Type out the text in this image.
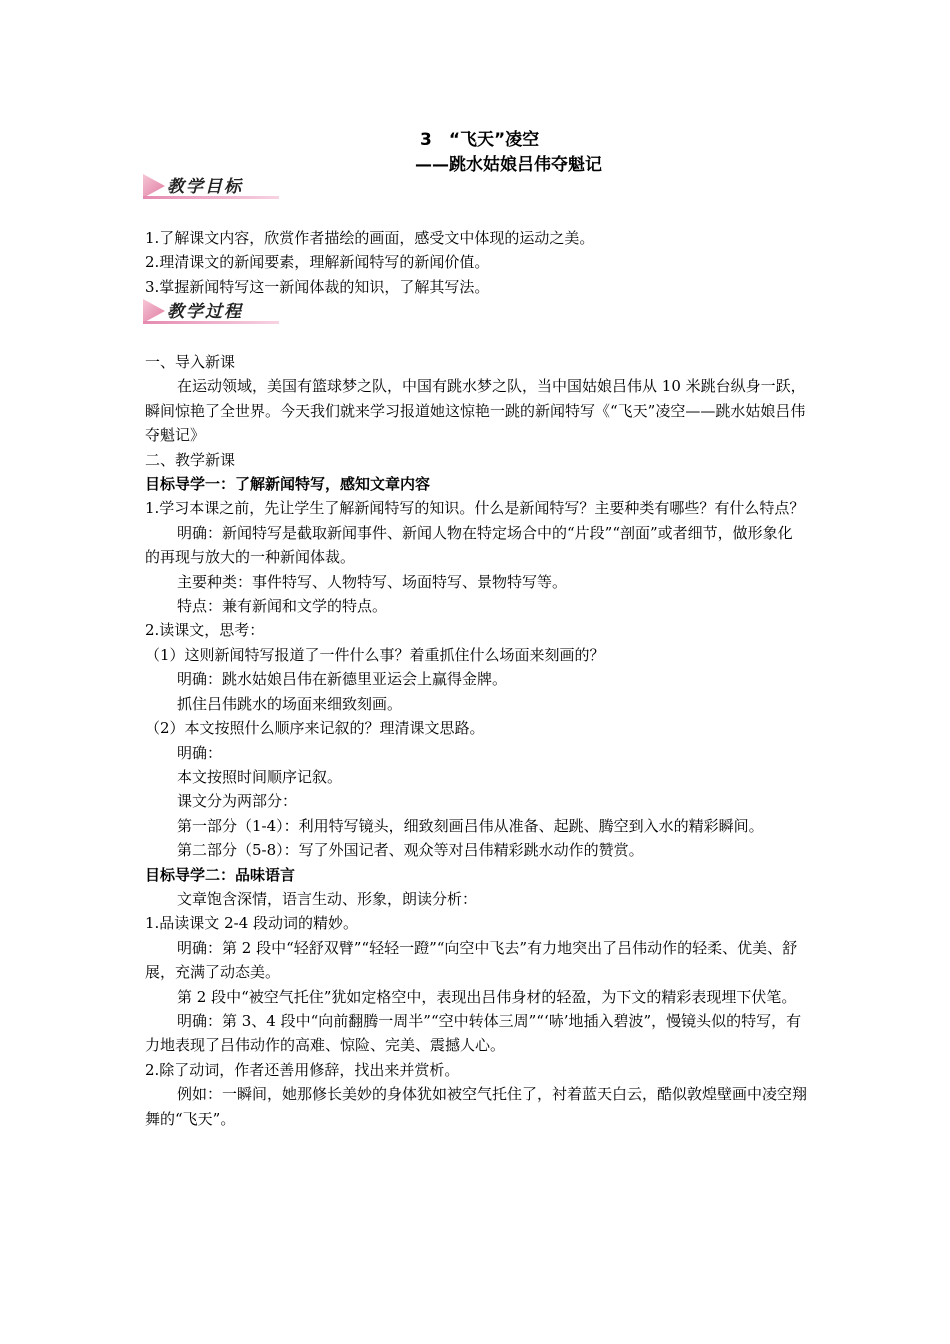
3　“飞天”凌空
——跳水姑娘吕伟夺魁记
教学目标

1.了解课文内容，欣赏作者描绘的画面，感受文中体现的运动之美。

2.理清课文的新闻要素，理解新闻特写的新闻价值。

3.掌握新闻特写这一新闻体裁的知识，了解其写法。

教学过程

一、导入新课

在运动领域，美国有篮球梦之队，中国有跳水梦之队，当中国姑娘吕伟从 10 米跳台纵身一跃，瞬间惊艳了全世界。今天我们就来学习报道她这惊艳一跳的新闻特写《“飞天”凌空——跳水姑娘吕伟夺魁记》

二、教学新课

目标导学一：了解新闻特写，感知文章内容

1.学习本课之前，先让学生了解新闻特写的知识。什么是新闻特写？主要种类有哪些？有什么特点？

明确：新闻特写是截取新闻事件、新闻人物在特定场合中的“片段”“剖面”或者细节，做形象化的再现与放大的一种新闻体裁。

主要种类：事件特写、人物特写、场面特写、景物特写等。

特点：兼有新闻和文学的特点。

2.读课文，思考：

（1）这则新闻特写报道了一件什么事？着重抓住什么场面来刻画的？

明确：跳水姑娘吕伟在新德里亚运会上赢得金牌。

抓住吕伟跳水的场面来细致刻画。

（2）本文按照什么顺序来记叙的？理清课文思路。

明确：

本文按照时间顺序记叙。

课文分为两部分：

第一部分（1-4）：利用特写镜头，细致刻画吕伟从准备、起跳、腾空到入水的精彩瞬间。

第二部分（5-8）：写了外国记者、观众等对吕伟精彩跳水动作的赞赏。

目标导学二：品味语言

文章饱含深情，语言生动、形象，朗读分析：

1.品读课文 2-4 段动词的精妙。

明确：第 2 段中“轻舒双臂”“轻轻一蹬”“向空中飞去”有力地突出了吕伟动作的轻柔、优美、舒展，充满了动态美。

第 2 段中“被空气托住”犹如定格空中，表现出吕伟身材的轻盈，为下文的精彩表现埋下伏笔。

明确：第 3、4 段中“向前翻腾一周半”“空中转体三周”“‘哧’地插入碧波”，慢镜头似的特写，有力地表现了吕伟动作的高难、惊险、完美、震撼人心。

2.除了动词，作者还善用修辞，找出来并赏析。

例如：一瞬间，她那修长美妙的身体犹如被空气托住了，衬着蓝天白云，酷似敦煌壁画中凌空翔舞的“飞天”。
